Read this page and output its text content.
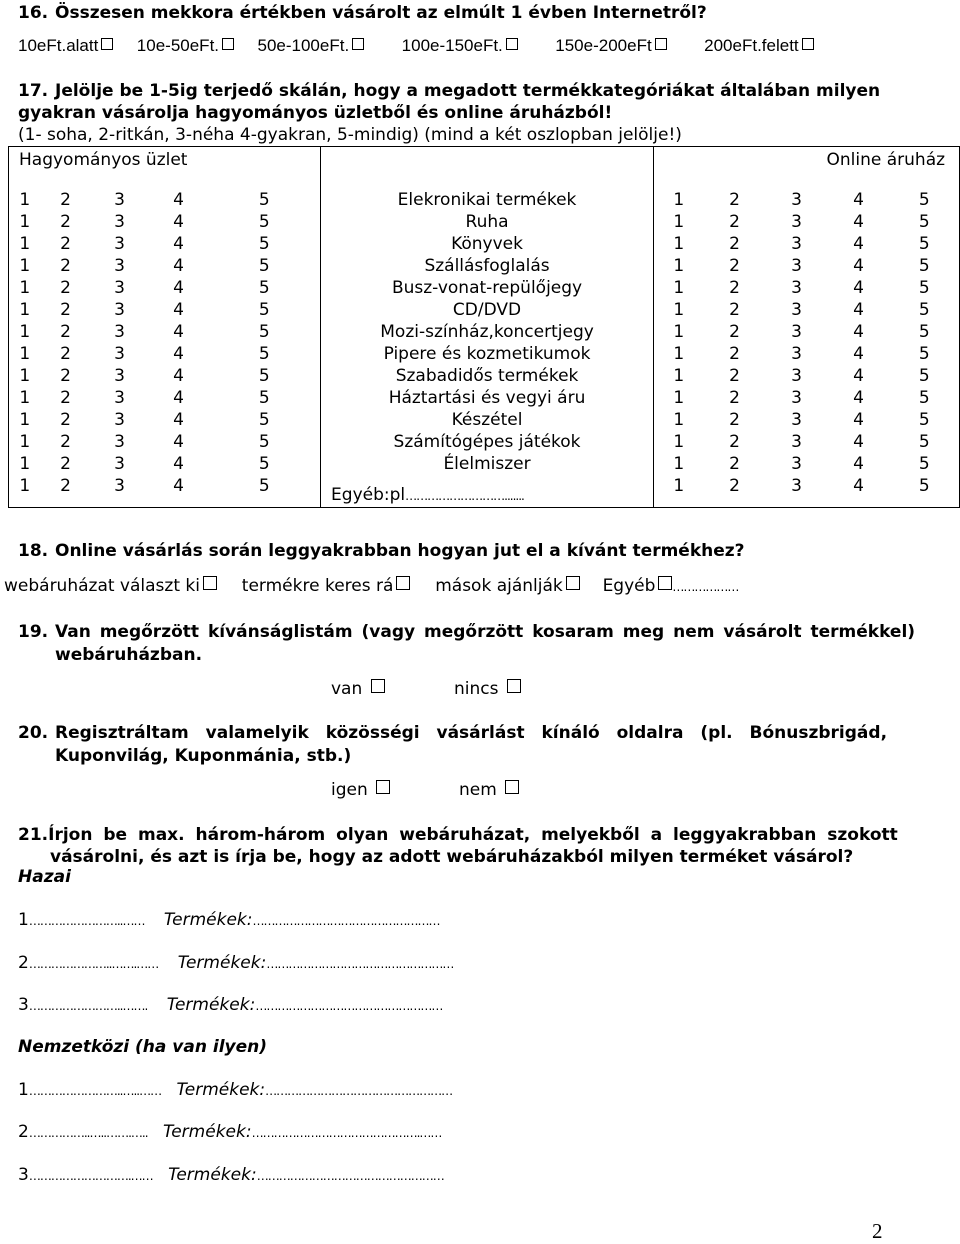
16. Összesen mekkora értékben vásárolt az elmúlt 1 évben Internetről?
10eFt.alatt 10e-50eFt. 50e-100eFt.	100e-150eFt.	150e-200eFt	200eFt.felett
17. Jelölje be 1-5ig terjedő skálán, hogy a megadott termékkategóriákat általában milyen
gyakran vásárolja hagyományos üzletből és online áruházból!
(1- soha, 2-ritkán, 3-néha 4-gyakran, 5-mindig) (mind a két oszlopban jelölje!)
Hagyományos üzlet						Online áruház				
1	2	3	4	5	Elekronikai termékek	1	2	3	4	5
1	2	3	4	5	Ruha	1	2	3	4	5
1	2	3	4	5	Könyvek	1	2	3	4	5
1	2	3	4	5	Szállásfoglalás	1	2	3	4	5
1	2	3	4	5	Busz-vonat-repülőjegy	1	2	3	4	5
1	2	3	4	5	CD/DVD	1	2	3	4	5
1	2	3	4	5	Mozi-színház,koncertjegy	1	2	3	4	5
1	2	3	4	5	Pipere és kozmetikumok	1	2	3	4	5
1	2	3	4	5	Szabadidős termékek	1	2	3	4	5
1	2	3	4	5	Háztartási és vegyi áru	1	2	3	4	5
1	2	3	4	5	Készétel	1	2	3	4	5
1	2	3	4	5	Számítógépes játékok	1	2	3	4	5
1	2	3	4	5	Élelmiszer	1	2	3	4	5
1	2	3	4	5	Egyéb:pl……………………….......	1	2	3	4	5
18. Online vásárlás során leggyakrabban hogyan jut el a kívánt termékhez?
webáruházat választ ki termékre keres rá mások ajánlják Egyéb ………………
19. Van megőrzött kívánságlistám (vagy megőrzött kosaram meg nem vásárolt termékkel)
webáruházban.
van	nincs
20. Regisztráltam valamelyik közösségi vásárlást kínáló oldalra (pl. Bónuszbrigád,
Kuponvilág, Kuponmánia, stb.)
igen	nem
21.Írjon be max. három-három olyan webáruházat, melyekből a leggyakrabban szokott
vásárolni, és azt is írja be, hogy az adott webáruházakból milyen terméket vásárol?
Hazai
1……………………..…… Termékek:……………………………………………
2…………………..…….…… Termékek:……………………………………………
3……………………..……. Termékek:……………………………………………
Nemzetközi (ha van ilyen)
1……………………..…..…… Termékek:……………………………………………
2……………..…..…….….. Termékek:……………………………………….……
3……………………….…… Termékek:……………………………………………
2
